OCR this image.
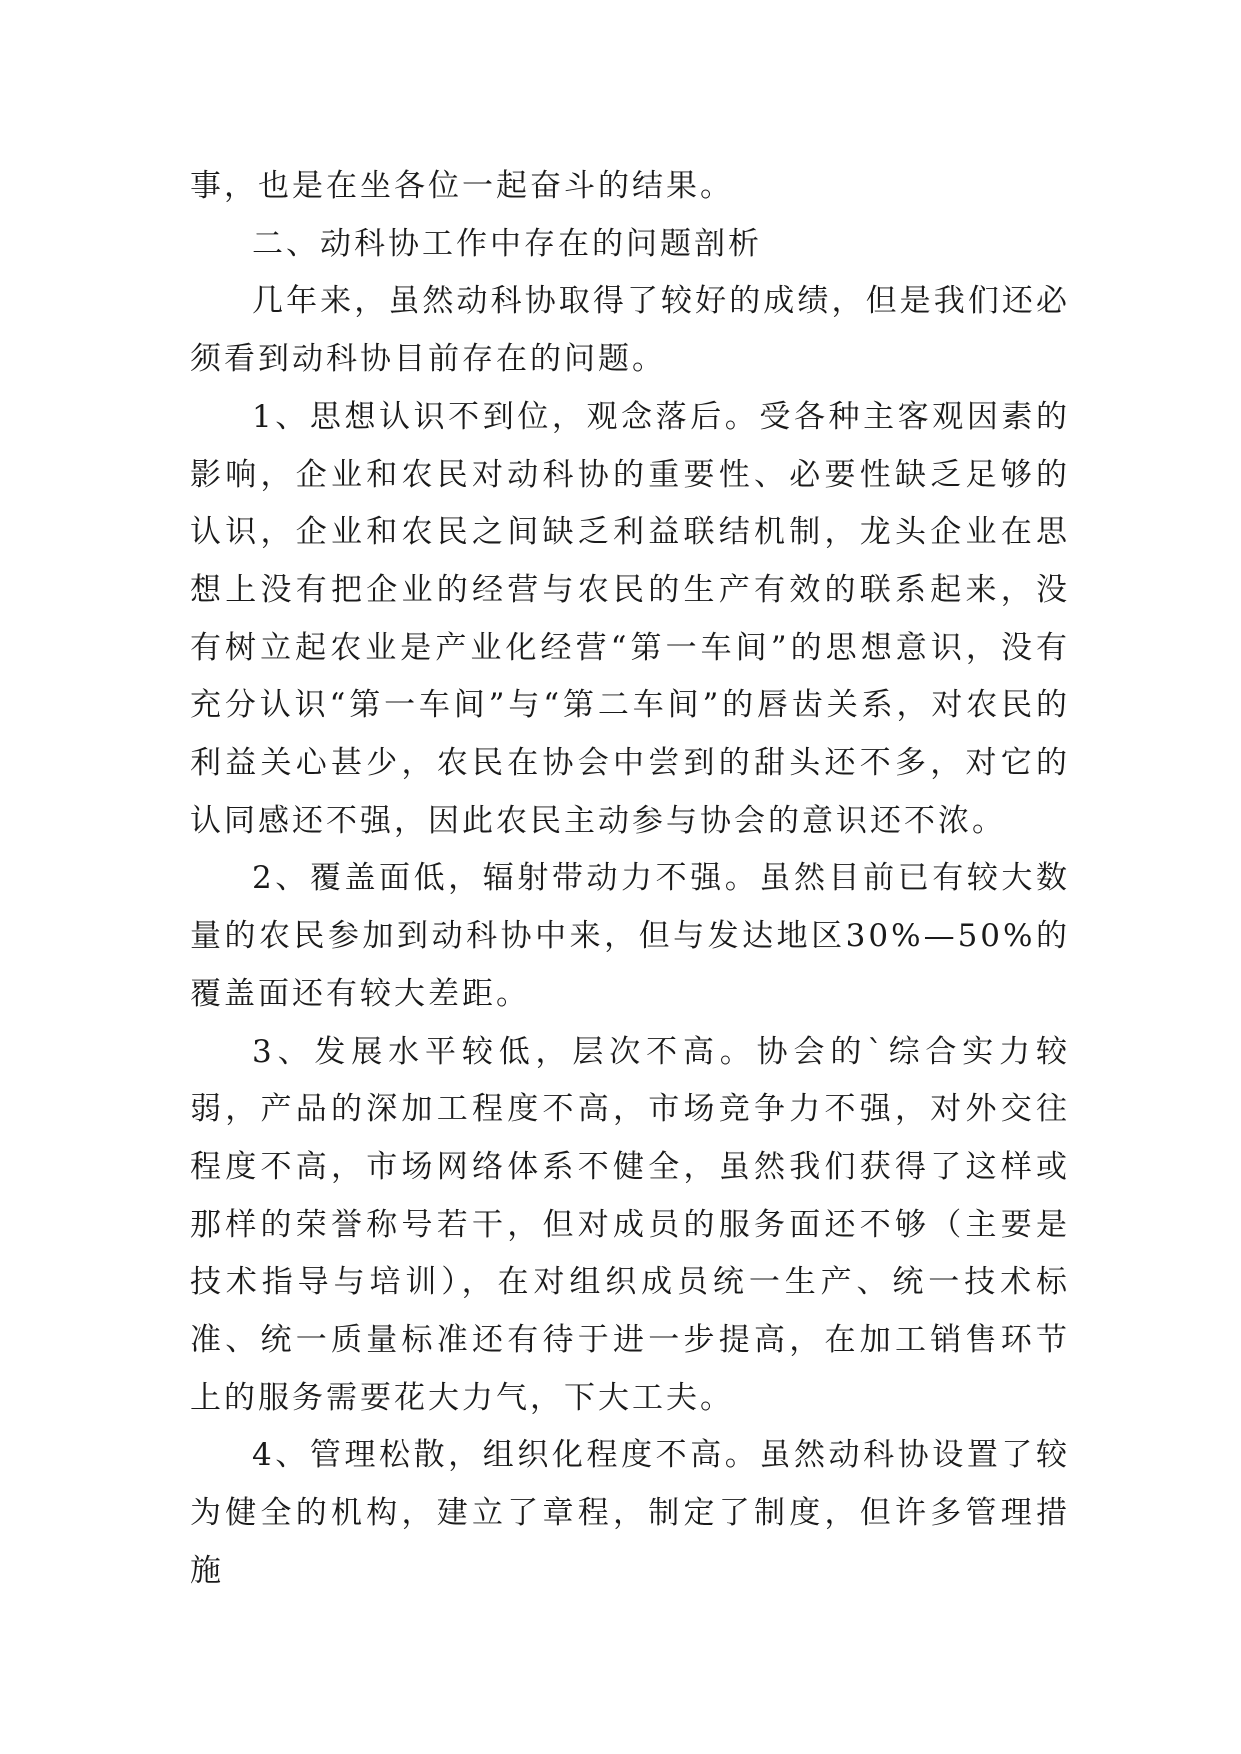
事，也是在坐各位一起奋斗的结果。

二、动科协工作中存在的问题剖析

几年来，虽然动科协取得了较好的成绩，但是我们还必须看到动科协目前存在的问题。

1、思想认识不到位，观念落后。受各种主客观因素的影响，企业和农民对动科协的重要性、必要性缺乏足够的认识，企业和农民之间缺乏利益联结机制，龙头企业在思想上没有把企业的经营与农民的生产有效的联系起来，没有树立起农业是产业化经营“第一车间”的思想意识，没有充分认识“第一车间”与“第二车间”的唇齿关系，对农民的利益关心甚少，农民在协会中尝到的甜头还不多，对它的认同感还不强，因此农民主动参与协会的意识还不浓。

2、覆盖面低，辐射带动力不强。虽然目前已有较大数量的农民参加到动科协中来，但与发达地区30%—50%的覆盖面还有较大差距。

3、发展水平较低，层次不高。协会的`综合实力较弱，产品的深加工程度不高，市场竞争力不强，对外交往程度不高，市场网络体系不健全，虽然我们获得了这样或那样的荣誉称号若干，但对成员的服务面还不够（主要是技术指导与培训），在对组织成员统一生产、统一技术标准、统一质量标准还有待于进一步提高，在加工销售环节上的服务需要花大力气，下大工夫。

4、管理松散，组织化程度不高。虽然动科协设置了较为健全的机构，建立了章程，制定了制度，但许多管理措施
